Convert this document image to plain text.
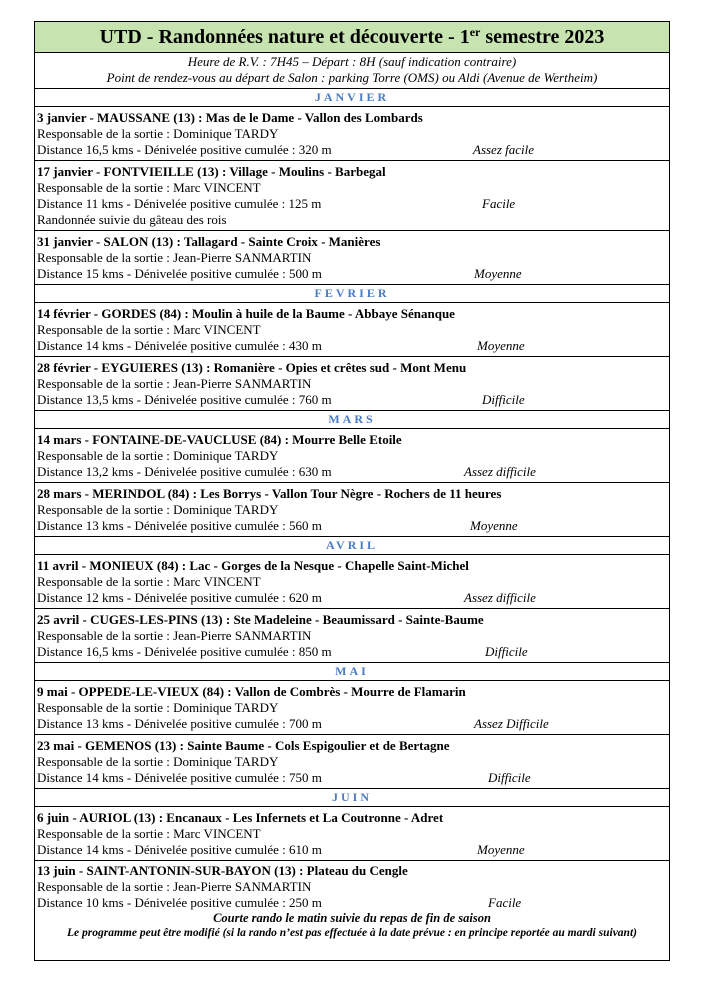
UTD - Randonnées nature et découverte - 1er semestre 2023
Heure de R.V. : 7H45 – Départ : 8H (sauf indication contraire)
Point de rendez-vous au départ de Salon : parking Torre (OMS) ou Aldi (Avenue de Wertheim)
JANVIER
3 janvier - MAUSSANE (13) : Mas de le Dame - Vallon des Lombards
Responsable de la sortie : Dominique TARDY
Distance 16,5 kms - Dénivelée positive cumulée : 320 m	Assez facile
17 janvier - FONTVIEILLE (13) : Village - Moulins - Barbegal
Responsable de la sortie : Marc VINCENT
Distance 11 kms - Dénivelée positive cumulée : 125 m	Facile
Randonnée suivie du gâteau des rois
31 janvier - SALON (13) : Tallagard - Sainte Croix - Manières
Responsable de la sortie : Jean-Pierre SANMARTIN
Distance 15 kms - Dénivelée positive cumulée : 500 m	Moyenne
FEVRIER
14 février - GORDES (84) : Moulin à huile de la Baume - Abbaye Sénanque
Responsable de la sortie : Marc VINCENT
Distance 14 kms - Dénivelée positive cumulée : 430 m	Moyenne
28 février - EYGUIERES (13) : Romanière - Opies et crêtes sud - Mont Menu
Responsable de la sortie : Jean-Pierre SANMARTIN
Distance 13,5 kms - Dénivelée positive cumulée : 760 m	Difficile
MARS
14 mars - FONTAINE-DE-VAUCLUSE (84) : Mourre Belle Etoile
Responsable de la sortie : Dominique TARDY
Distance 13,2 kms - Dénivelée positive cumulée : 630 m	Assez difficile
28 mars - MERINDOL (84) : Les Borrys - Vallon Tour Nègre - Rochers de 11 heures
Responsable de la sortie : Dominique TARDY
Distance 13 kms - Dénivelée positive cumulée : 560 m	Moyenne
AVRIL
11 avril - MONIEUX (84) : Lac - Gorges de la Nesque - Chapelle Saint-Michel
Responsable de la sortie : Marc VINCENT
Distance 12 kms - Dénivelée positive cumulée : 620 m	Assez difficile
25 avril - CUGES-LES-PINS (13) : Ste Madeleine - Beaumissard - Sainte-Baume
Responsable de la sortie : Jean-Pierre SANMARTIN
Distance 16,5 kms - Dénivelée positive cumulée : 850 m	Difficile
MAI
9 mai - OPPEDE-LE-VIEUX (84) : Vallon de Combrès - Mourre de Flamarin
Responsable de la sortie : Dominique TARDY
Distance 13 kms - Dénivelée positive cumulée : 700 m	Assez Difficile
23 mai - GEMENOS (13) : Sainte Baume - Cols Espigoulier et de Bertagne
Responsable de la sortie : Dominique TARDY
Distance 14 kms - Dénivelée positive cumulée : 750 m	Difficile
JUIN
6 juin - AURIOL (13) : Encanaux - Les Infernets et La Coutronne - Adret
Responsable de la sortie : Marc VINCENT
Distance 14 kms - Dénivelée positive cumulée : 610 m	Moyenne
13 juin - SAINT-ANTONIN-SUR-BAYON (13) : Plateau du Cengle
Responsable de la sortie : Jean-Pierre SANMARTIN
Distance 10 kms - Dénivelée positive cumulée : 250 m	Facile
Courte rando le matin suivie du repas de fin de saison
Le programme peut être modifié (si la rando n’est pas effectuée à la date prévue : en principe reportée au mardi suivant)
